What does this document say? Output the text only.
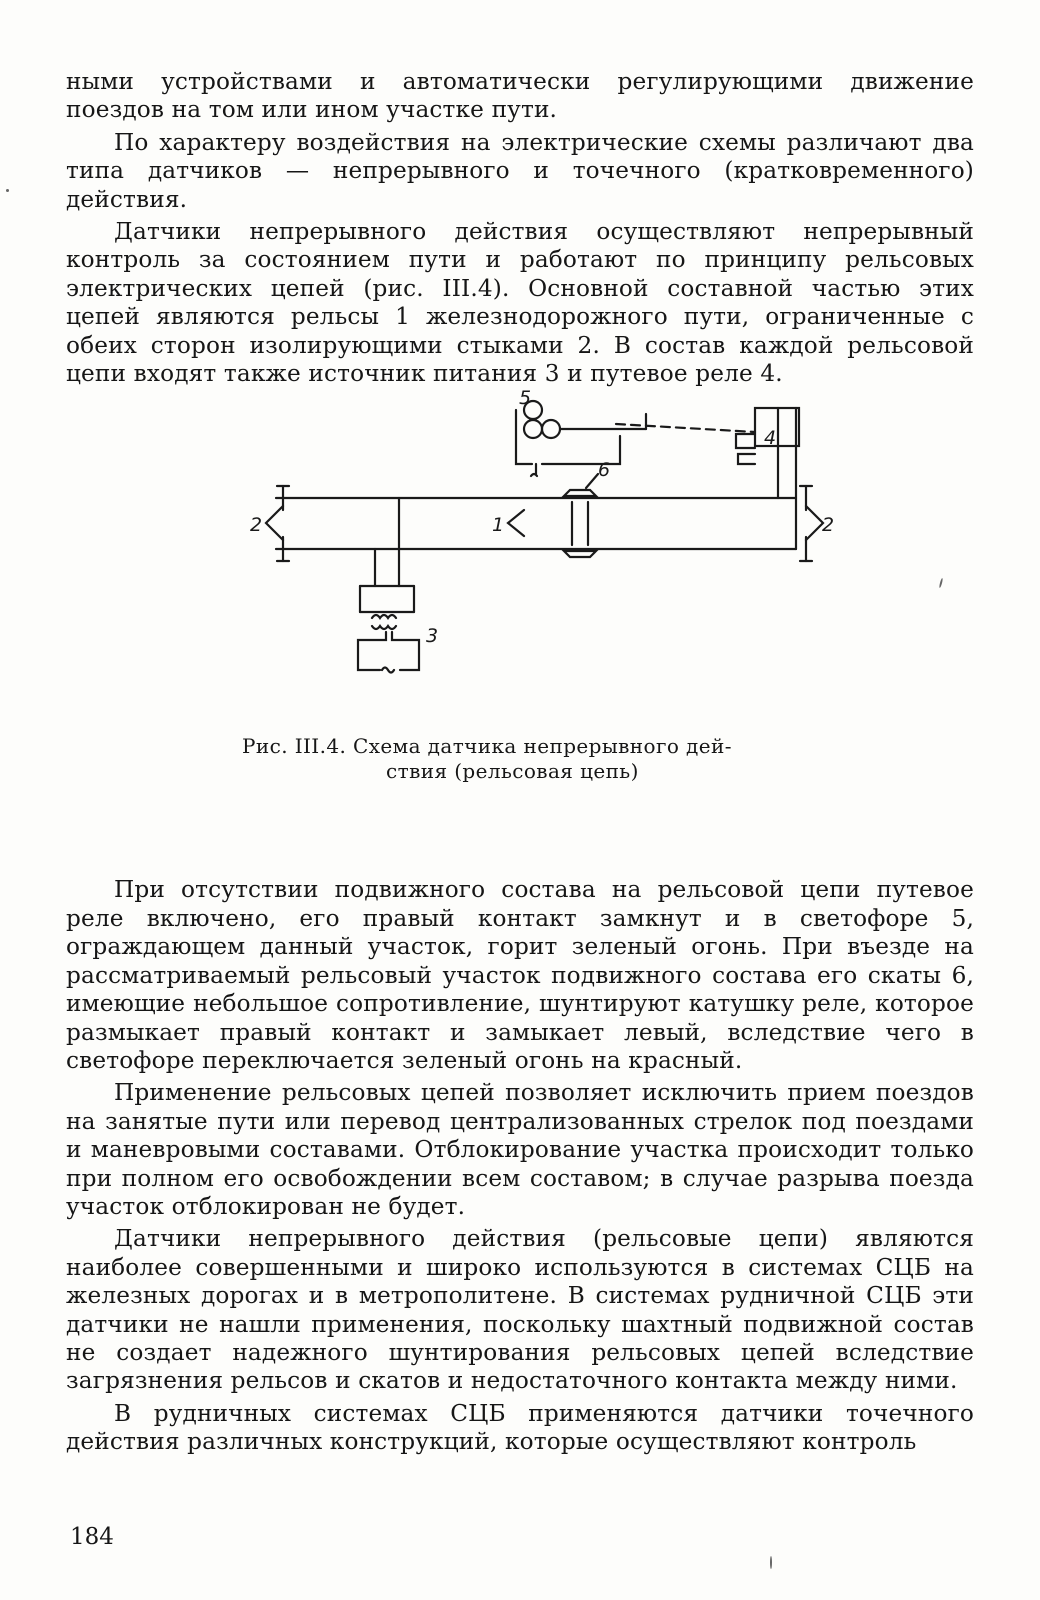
ными устройствами и автоматически регулирующими движение поездов на том или ином участке пути.

По характеру воздействия на электрические схемы различают два типа датчиков — непрерывного и точечного (кратковременного) действия.

Датчики непрерывного действия осуществляют непрерывный контроль за состоянием пути и работают по принципу рельсовых электрических цепей (рис. III.4). Основной составной частью этих цепей являются рельсы 1 железнодорожного пути, ограниченные с обеих сторон изолирующими стыками 2. В состав каждой рельсовой цепи входят также источник питания 3 и путевое реле 4.

5
4
6
1
2	2
3
Рис. III.4. Схема датчика непрерывного дей-
ствия (рельсовая цепь)

При отсутствии подвижного состава на рельсовой цепи путевое реле включено, его правый контакт замкнут и в светофоре 5, ограждающем данный участок, горит зеленый огонь. При въезде на рассматриваемый рельсовый участок подвижного состава его скаты 6, имеющие небольшое сопротивление, шунтируют катушку реле, которое размыкает правый контакт и замыкает левый, вследствие чего в светофоре переключается зеленый огонь на красный.

Применение рельсовых цепей позволяет исключить прием поездов на занятые пути или перевод централизованных стрелок под поездами и маневровыми составами. Отблокирование участка происходит только при полном его освобождении всем составом; в случае разрыва поезда участок отблокирован не будет.

Датчики непрерывного действия (рельсовые цепи) являются наиболее совершенными и широко используются в системах СЦБ на железных дорогах и в метрополитене. В системах рудничной СЦБ эти датчики не нашли применения, поскольку шахтный подвижной состав не создает надежного шунтирования рельсовых цепей вследствие загрязнения рельсов и скатов и недостаточного контакта между ними.

В рудничных системах СЦБ применяются датчики точечного действия различных конструкций, которые осуществляют контроль

184
